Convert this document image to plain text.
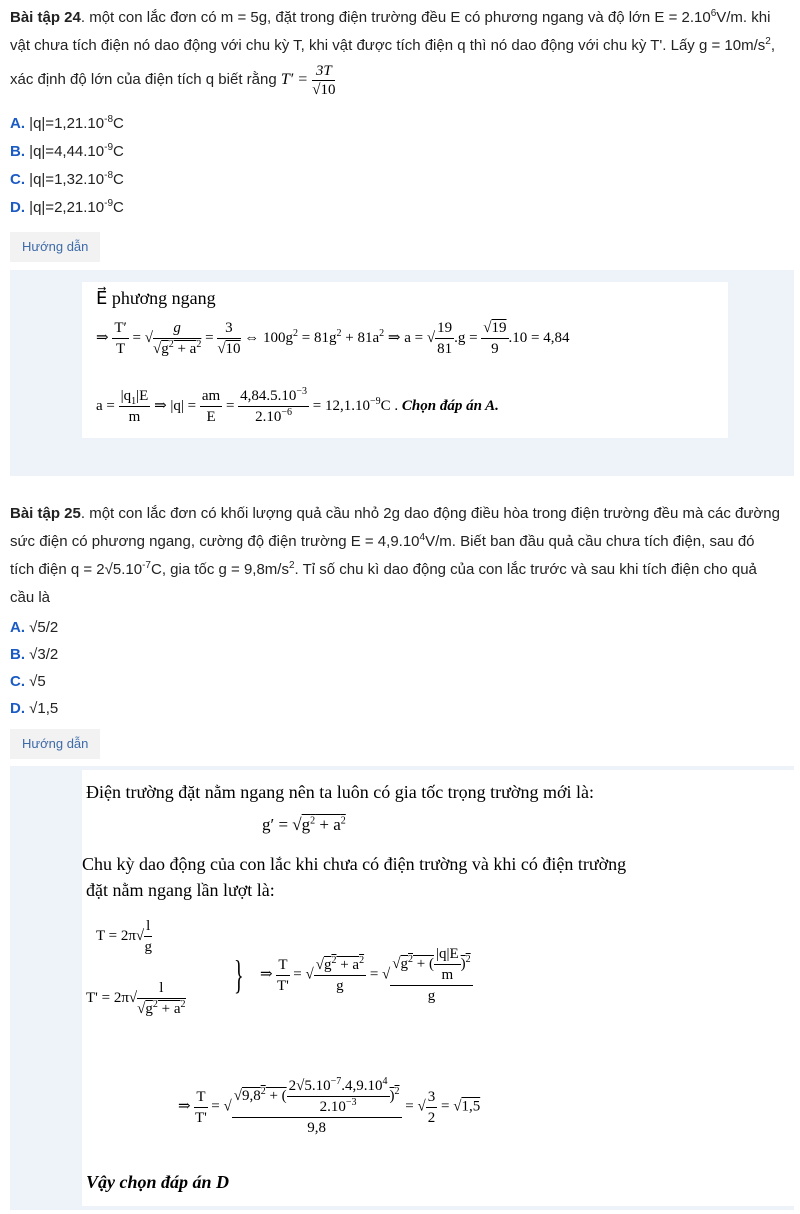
Bài tập 24. một con lắc đơn có m = 5g, đặt trong điện trường đều E có phương ngang và độ lớn $E = 2.10^6V/m$. khi
vật chưa tích điện nó dao động với chu kỳ T, khi vật được tích điện q thì nó dao động với chu kỳ T'. Lấy $g = 10m/s^2$,
xác định độ lớn của điện tích q biết rằng $T' = \frac{3T}{√10}$
A. $|q|=1,21.10^{-8}C$
B. $|q|=4,44.10^{-9}C$
C. $|q|=1,32.10^{-8}C$
D. $|q|=2,21.10^{-9}C$
Hướng dẫn
E⃗ phương ngang
⇒ $\frac{T'}{T}$ = √ $\frac{g}{√g^2 + a^2} = \frac{3}{√10}$ ⇔ $100g^2 = 81g^2 + 81a^2$ ⇒ a = √ $\frac{19}{81} .g = \frac{√19}{9} .10 = 4,84$
$a = \frac{|q_1|E}{m}$ ⇒ $|q| = \frac{am}{E} = \frac{4,84.5.10^{-3}}{2.10^{-6}} = 12,1.10^{-9}C$ . Chọn đáp án A.
Bài tập 25. một con lắc đơn có khối lượng quả cầu nhỏ 2g dao động điều hòa trong điện trường đều mà các đường
sức điện có phương ngang, cường độ điện trường $E = 4,9.10^4V/m$. Biết ban đầu quả cầu chưa tích điện, sau đó
tích điện $q = 2√5.10^{-7}C$, gia tốc $g = 9,8m/s^2$. Tỉ số chu kì dao động của con lắc trước và sau khi tích điện cho quả
cầu là
A. √5/2
B. √3/2
C. √5
D. √1,5
Hướng dẫn
Điện trường đặt nằm ngang nên ta luôn có gia tốc trọng trường mới là:
$g' = √g^2 + a^2$
Chu kỳ dao động của con lắc khi chưa có điện trường và khi có điện trường
đặt nằm ngang lần lượt là:
$T = 2\pi√ \frac{l}{g}$
$T' = 2\pi√ \frac{l}{√g^2 + a^2}$
} ⇒ $\frac{T}{T'}$ = √ $\frac{√g^2 + a^2}{g}$ = √ $\frac{√g^2 + ( \frac{|q|E}{m} )^2}{g}$
⇒ $\frac{T}{T'}$ = √ $\frac{√9,8^2 + ( \frac{2√5.10^{-7}.4,9.10^4}{2.10^{-3}} )^2}{9,8}$ = √ $\frac{3}{2} = √1,5$
Vậy chọn đáp án D
